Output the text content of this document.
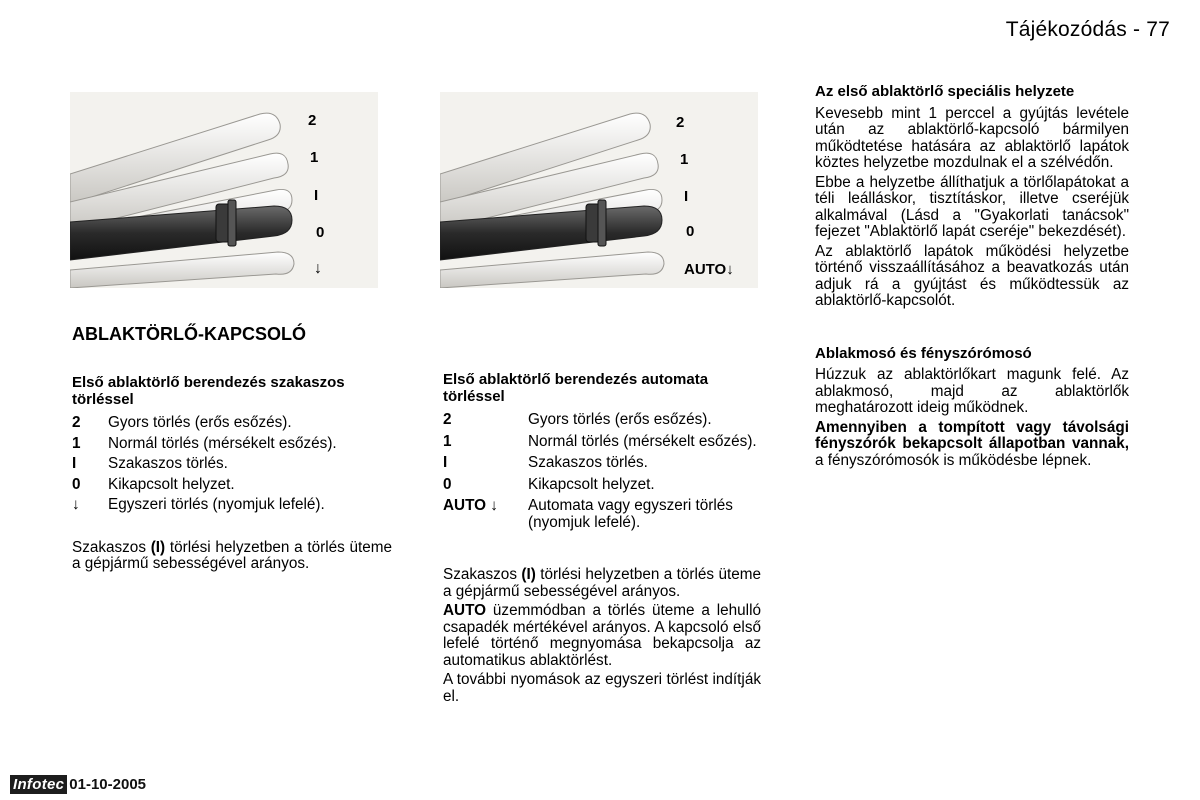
Tájékozódás - 77
2
1
I
0
↓
2
1
I
0
AUTO↓
ABLAKTÖRLŐ-KAPCSOLÓ
Első ablaktörlő berendezés szakaszos törléssel
2	Gyors törlés (erős esőzés).
1	Normál törlés (mérsékelt esőzés).
I	Szakaszos törlés.
0	Kikapcsolt helyzet.
↓	Egyszeri törlés (nyomjuk lefelé).
Szakaszos (I) törlési helyzetben a törlés üteme a gépjármű sebességével arányos.
Első ablaktörlő berendezés automata törléssel
2	Gyors törlés (erős esőzés).
1	Normál törlés (mérsékelt esőzés).
I	Szakaszos törlés.
0	Kikapcsolt helyzet.
AUTO ↓	Automata vagy egyszeri törlés (nyomjuk lefelé).
Szakaszos (I) törlési helyzetben a törlés üteme a gépjármű sebességével arányos.
AUTO üzemmódban a törlés üteme a lehulló csapadék mértékével arányos. A kapcsoló első lefelé történő megnyomása bekapcsolja az automatikus ablaktörlést.
A további nyomások az egyszeri törlést indítják el.
Az első ablaktörlő speciális helyzete
Kevesebb mint 1 perccel a gyújtás levétele után az ablaktörlő-kapcsoló bármilyen működtetése hatására az ablaktörlő lapátok köztes helyzetbe mozdulnak el a szélvédőn.
Ebbe a helyzetbe állíthatjuk a törlőlapátokat a téli leálláskor, tisztításkor, illetve cseréjük alkalmával (Lásd a "Gyakorlati tanácsok" fejezet "Ablaktörlő lapát cseréje" bekezdését).
Az ablaktörlő lapátok működési helyzetbe történő visszaállításához a beavatkozás után adjuk rá a gyújtást és működtessük az ablaktörlő-kapcsolót.
Ablakmosó és fényszórómosó
Húzzuk az ablaktörlőkart magunk felé. Az ablakmosó, majd az ablaktörlők meghatározott ideig működnek.
Amennyiben a tompított vagy távolsági fényszórók bekapcsolt állapotban vannak, a fényszórómosók is működésbe lépnek.
Infotec 01-10-2005
